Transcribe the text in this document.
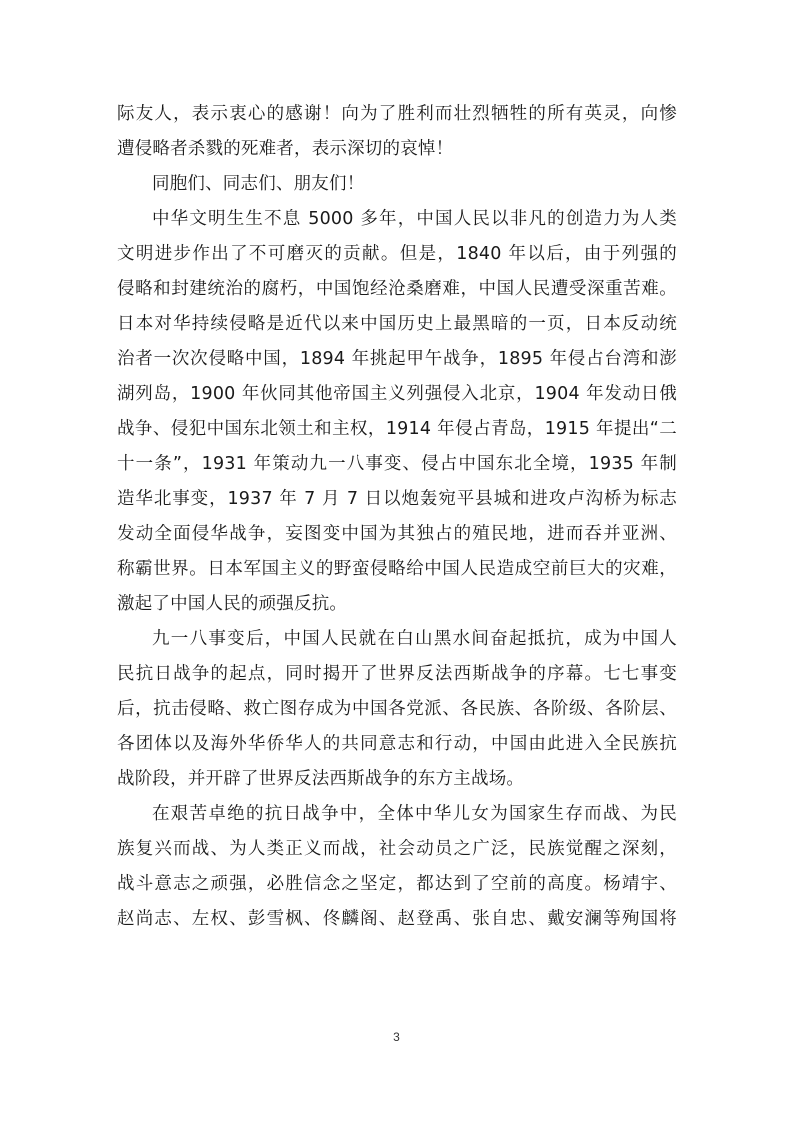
际友人，表示衷心的感谢！向为了胜利而壮烈牺牲的所有英灵，向惨
遭侵略者杀戮的死难者，表示深切的哀悼！
同胞们、同志们、朋友们！
中华文明生生不息 5000 多年，中国人民以非凡的创造力为人类
文明进步作出了不可磨灭的贡献。但是，1840 年以后，由于列强的
侵略和封建统治的腐朽，中国饱经沧桑磨难，中国人民遭受深重苦难。
日本对华持续侵略是近代以来中国历史上最黑暗的一页，日本反动统
治者一次次侵略中国，1894 年挑起甲午战争，1895 年侵占台湾和澎
湖列岛，1900 年伙同其他帝国主义列强侵入北京，1904 年发动日俄
战争、侵犯中国东北领土和主权，1914 年侵占青岛，1915 年提出“二
十一条”，1931 年策动九一八事变、侵占中国东北全境，1935 年制
造华北事变，1937 年 7 月 7 日以炮轰宛平县城和进攻卢沟桥为标志
发动全面侵华战争，妄图变中国为其独占的殖民地，进而吞并亚洲、
称霸世界。日本军国主义的野蛮侵略给中国人民造成空前巨大的灾难，
激起了中国人民的顽强反抗。
九一八事变后，中国人民就在白山黑水间奋起抵抗，成为中国人
民抗日战争的起点，同时揭开了世界反法西斯战争的序幕。七七事变
后，抗击侵略、救亡图存成为中国各党派、各民族、各阶级、各阶层、
各团体以及海外华侨华人的共同意志和行动，中国由此进入全民族抗
战阶段，并开辟了世界反法西斯战争的东方主战场。
在艰苦卓绝的抗日战争中，全体中华儿女为国家生存而战、为民
族复兴而战、为人类正义而战，社会动员之广泛，民族觉醒之深刻，
战斗意志之顽强，必胜信念之坚定，都达到了空前的高度。杨靖宇、
赵尚志、左权、彭雪枫、佟麟阁、赵登禹、张自忠、戴安澜等殉国将
3
